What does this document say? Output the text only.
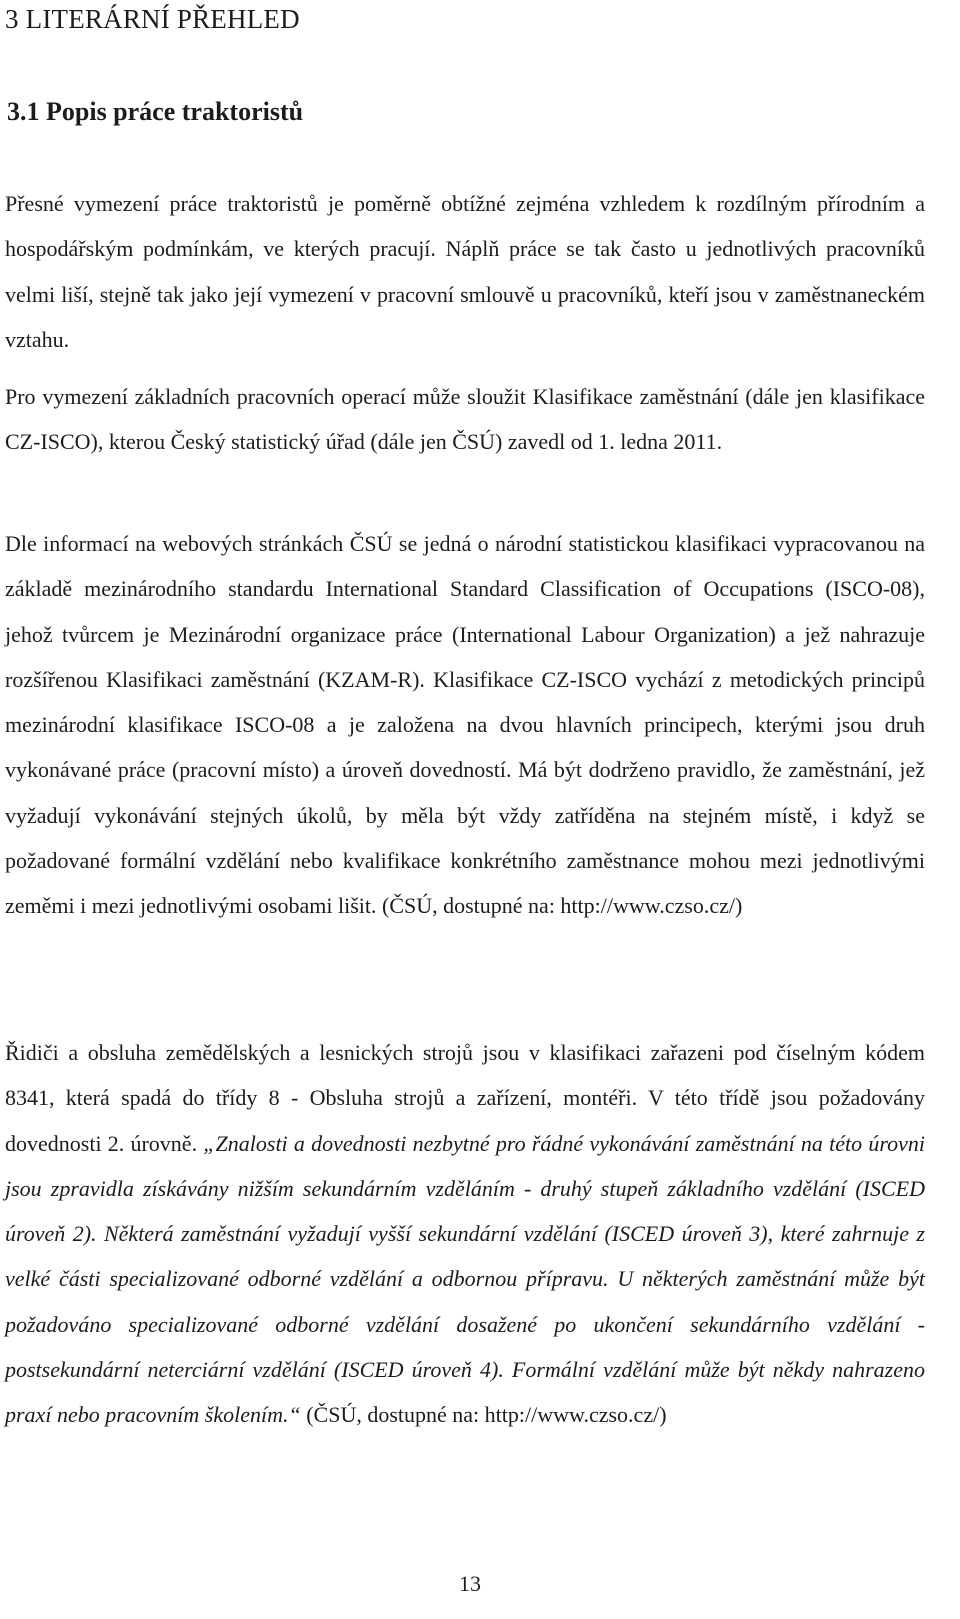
3 LITERÁRNÍ PŘEHLED
3.1 Popis práce traktoristů

Přesné vymezení práce traktoristů je poměrně obtížné zejména vzhledem k rozdílným přírodním a hospodářským podmínkám, ve kterých pracují. Náplň práce se tak často u jednotlivých pracovníků velmi liší, stejně tak jako její vymezení v pracovní smlouvě u pracovníků, kteří jsou v zaměstnaneckém vztahu.

Pro vymezení základních pracovních operací může sloužit Klasifikace zaměstnání (dále jen klasifikace CZ-ISCO), kterou Český statistický úřad (dále jen ČSÚ) zavedl od 1. ledna 2011.

Dle informací na webových stránkách ČSÚ se jedná o národní statistickou klasifikaci vypracovanou na základě mezinárodního standardu International Standard Classification of Occupations (ISCO-08), jehož tvůrcem je Mezinárodní organizace práce (International Labour Organization) a jež nahrazuje rozšířenou Klasifikaci zaměstnání (KZAM-R). Klasifikace CZ-ISCO vychází z metodických principů mezinárodní klasifikace ISCO-08 a je založena na dvou hlavních principech, kterými jsou druh vykonávané práce (pracovní místo) a úroveň dovedností. Má být dodrženo pravidlo, že zaměstnání, jež vyžadují vykonávání stejných úkolů, by měla být vždy zatříděna na stejném místě, i když se požadované formální vzdělání nebo kvalifikace konkrétního zaměstnance mohou mezi jednotlivými zeměmi i mezi jednotlivými osobami lišit. (ČSÚ, dostupné na: http://www.czso.cz/)

Řidiči a obsluha zemědělských a lesnických strojů jsou v klasifikaci zařazeni pod číselným kódem 8341, která spadá do třídy 8 - Obsluha strojů a zařízení, montéři. V této třídě jsou požadovány dovednosti 2. úrovně. „Znalosti a dovednosti nezbytné pro řádné vykonávání zaměstnání na této úrovni jsou zpravidla získávány nižším sekundárním vzděláním - druhý stupeň základního vzdělání (ISCED úroveň 2). Některá zaměstnání vyžadují vyšší sekundární vzdělání (ISCED úroveň 3), které zahrnuje z velké části specializované odborné vzdělání a odbornou přípravu. U některých zaměstnání může být požadováno specializované odborné vzdělání dosažené po ukončení sekundárního vzdělání - postsekundární neterciární vzdělání (ISCED úroveň 4). Formální vzdělání může být někdy nahrazeno praxí nebo pracovním školením.“ (ČSÚ, dostupné na: http://www.czso.cz/)

13
